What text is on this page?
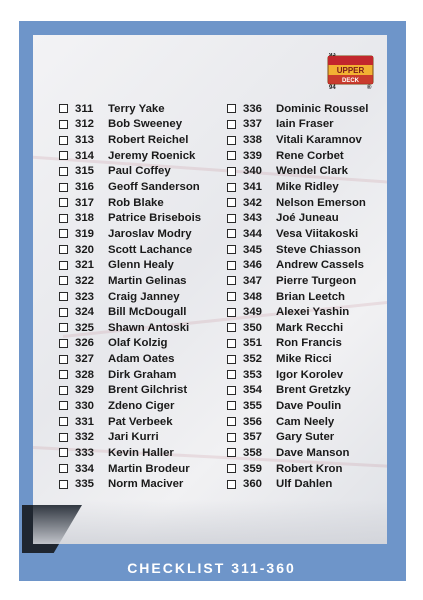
UPPER
DECK
93
94	®
311	Terry Yake
312	Bob Sweeney
313	Robert Reichel
314	Jeremy Roenick
315	Paul Coffey
316	Geoff Sanderson
317	Rob Blake
318	Patrice Brisebois
319	Jaroslav Modry
320	Scott Lachance
321	Glenn Healy
322	Martin Gelinas
323	Craig Janney
324	Bill McDougall
325	Shawn Antoski
326	Olaf Kolzig
327	Adam Oates
328	Dirk Graham
329	Brent Gilchrist
330	Zdeno Ciger
331	Pat Verbeek
332	Jari Kurri
333	Kevin Haller
334	Martin Brodeur
335	Norm Maciver
336	Dominic Roussel
337	Iain Fraser
338	Vitali Karamnov
339	Rene Corbet
340	Wendel Clark
341	Mike Ridley
342	Nelson Emerson
343	Joé Juneau
344	Vesa Viitakoski
345	Steve Chiasson
346	Andrew Cassels
347	Pierre Turgeon
348	Brian Leetch
349	Alexei Yashin
350	Mark Recchi
351	Ron Francis
352	Mike Ricci
353	Igor Korolev
354	Brent Gretzky
355	Dave Poulin
356	Cam Neely
357	Gary Suter
358	Dave Manson
359	Robert Kron
360	Ulf Dahlen
CHECKLIST 311-360
